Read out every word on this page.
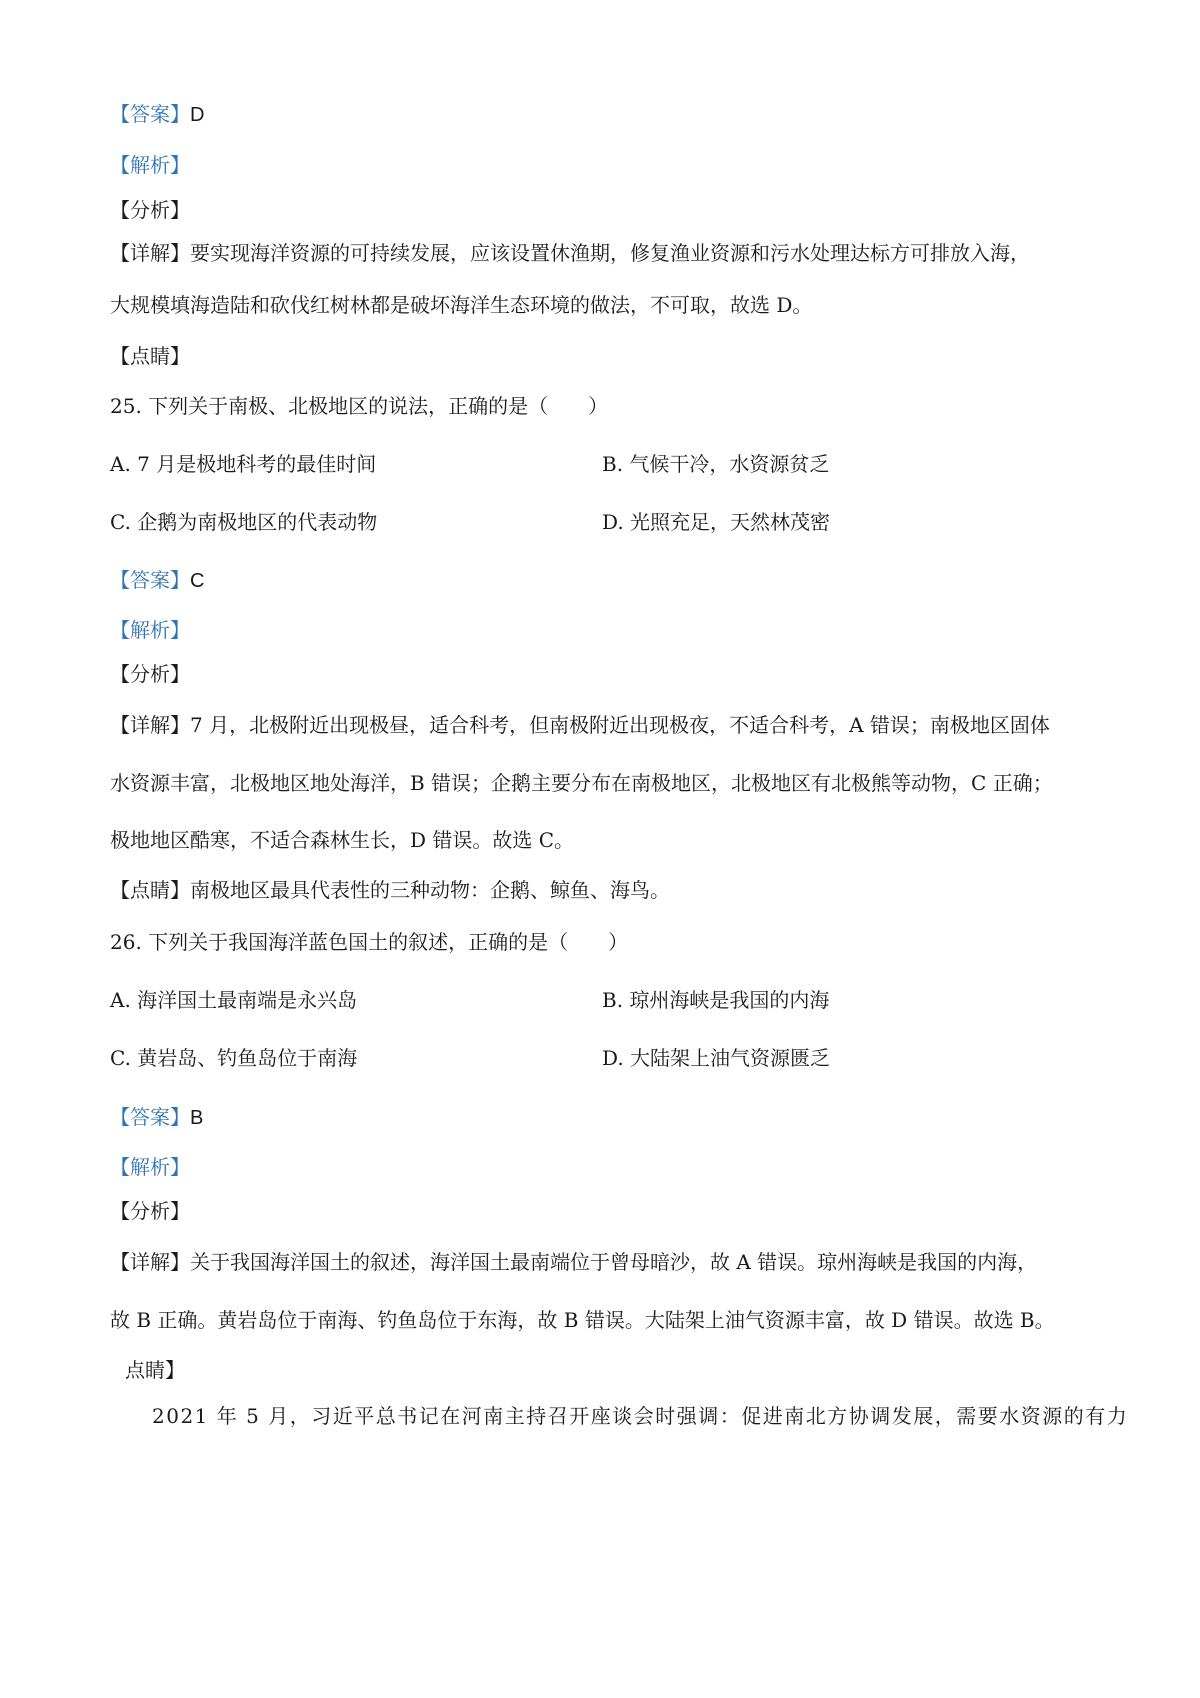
【答案】D
【解析】
【分析】
【详解】要实现海洋资源的可持续发展，应该设置休渔期，修复渔业资源和污水处理达标方可排放入海，
大规模填海造陆和砍伐红树林都是破坏海洋生态环境的做法，不可取，故选 D。
【点睛】
25. 下列关于南极、北极地区的说法，正确的是（　　）
A. 7 月是极地科考的最佳时间	B. 气候干冷，水资源贫乏
C. 企鹅为南极地区的代表动物	D. 光照充足，天然林茂密
【答案】C
【解析】
【分析】
【详解】7 月，北极附近出现极昼，适合科考，但南极附近出现极夜，不适合科考，A 错误；南极地区固体
水资源丰富，北极地区地处海洋，B 错误；企鹅主要分布在南极地区，北极地区有北极熊等动物，C 正确；
极地地区酷寒，不适合森林生长，D 错误。故选 C。
【点睛】南极地区最具代表性的三种动物：企鹅、鲸鱼、海鸟。
26. 下列关于我国海洋蓝色国土的叙述，正确的是（　　）
A. 海洋国土最南端是永兴岛	B. 琼州海峡是我国的内海
C. 黄岩岛、钓鱼岛位于南海	D. 大陆架上油气资源匮乏
【答案】B
【解析】
【分析】
【详解】关于我国海洋国土的叙述，海洋国土最南端位于曾母暗沙，故 A 错误。琼州海峡是我国的内海，
故 B 正确。黄岩岛位于南海、钓鱼岛位于东海，故 B 错误。大陆架上油气资源丰富，故 D 错误。故选 B。
点睛】
2021 年 5 月，习近平总书记在河南主持召开座谈会时强调：促进南北方协调发展，需要水资源的有力
